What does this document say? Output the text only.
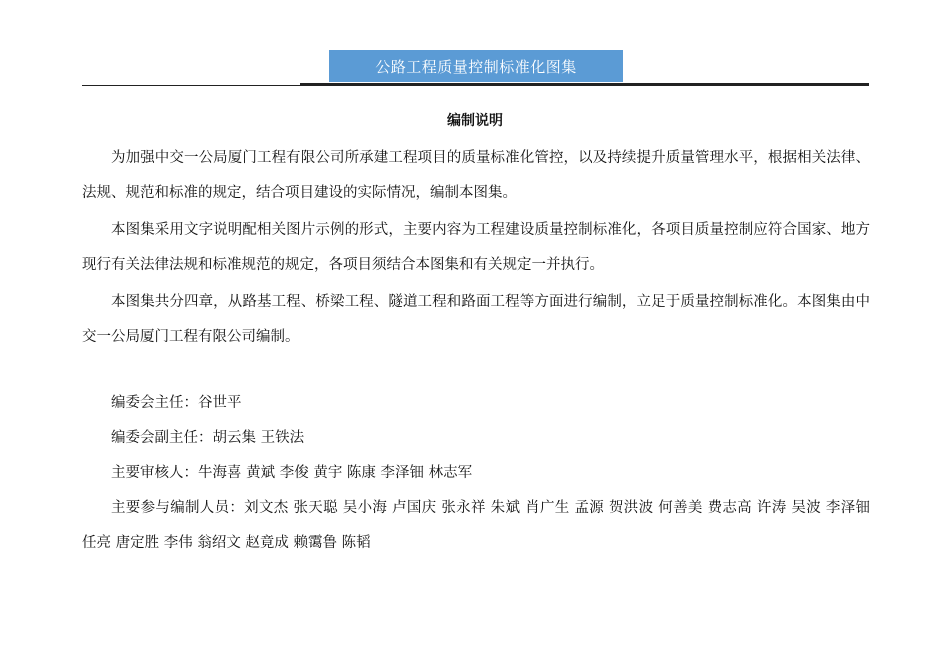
公路工程质量控制标准化图集
编制说明

为加强中交一公局厦门工程有限公司所承建工程项目的质量标准化管控，以及持续提升质量管理水平，根据相关法律、法规、规范和标准的规定，结合项目建设的实际情况，编制本图集。

本图集采用文字说明配相关图片示例的形式，主要内容为工程建设质量控制标准化，各项目质量控制应符合国家、地方现行有关法律法规和标准规范的规定，各项目须结合本图集和有关规定一并执行。

本图集共分四章，从路基工程、桥梁工程、隧道工程和路面工程等方面进行编制，立足于质量控制标准化。本图集由中交一公局厦门工程有限公司编制。

编委会主任：谷世平

编委会副主任：胡云集 王铁法

主要审核人：牛海喜 黄斌 李俊 黄宇 陈康 李泽钿 林志军

主要参与编制人员：刘文杰 张天聪 吴小海 卢国庆 张永祥 朱斌 肖广生 孟源 贺洪波 何善美 费志高 许涛 吴波 李泽钿 任亮 唐定胜 李伟 翁绍文 赵竟成 赖霭鲁 陈韬
